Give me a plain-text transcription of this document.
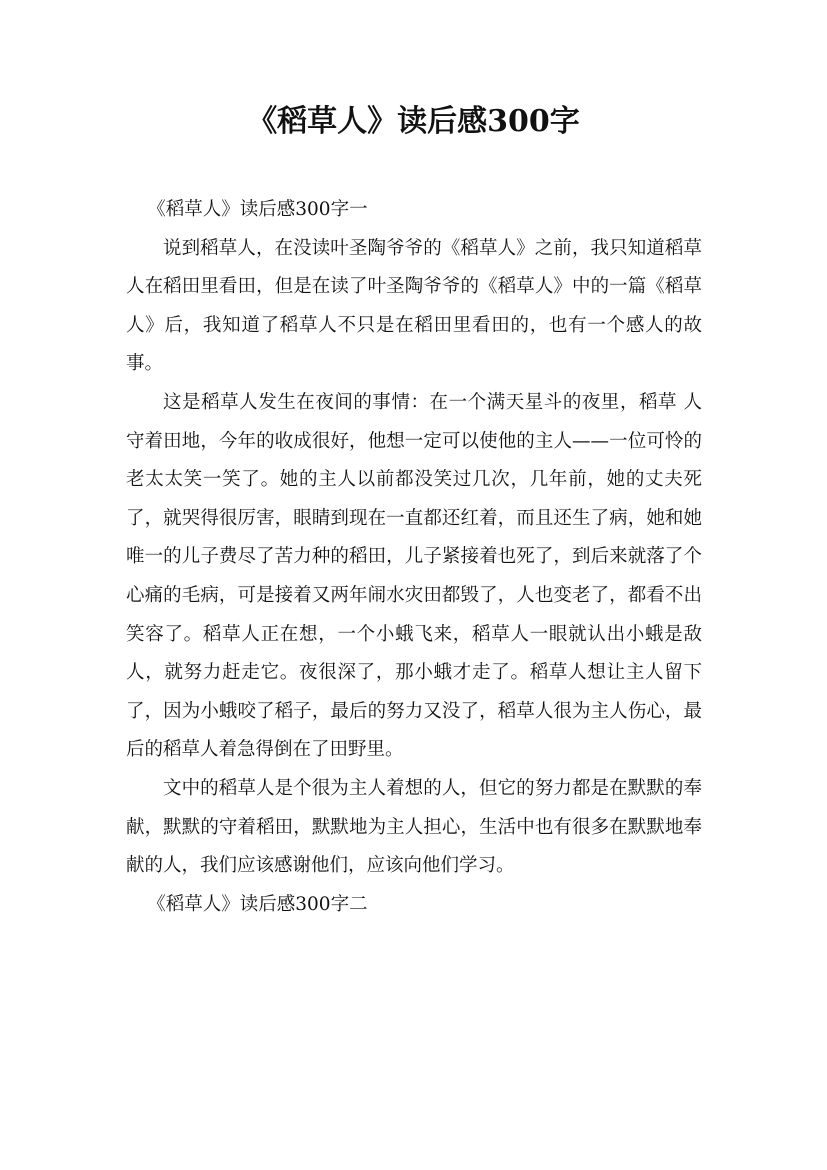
《稻草人》读后感300字

《稻草人》读后感300字一

说到稻草人，在没读叶圣陶爷爷的《稻草人》之前，我只知道稻草人在稻田里看田，但是在读了叶圣陶爷爷的《稻草人》中的一篇《稻草人》后，我知道了稻草人不只是在稻田里看田的，也有一个感人的故事。

这是稻草人发生在夜间的事情：在一个满天星斗的夜里，稻草 人守着田地，今年的收成很好，他想一定可以使他的主人——一位可怜的老太太笑一笑了。她的主人以前都没笑过几次，几年前，她的丈夫死了，就哭得很厉害，眼睛到现在一直都还红着，而且还生了病，她和她唯一的儿子费尽了苦力种的稻田，儿子紧接着也死了，到后来就落了个心痛的毛病，可是接着又两年闹水灾田都毁了，人也变老了，都看不出笑容了。稻草人正在想，一个小蛾飞来，稻草人一眼就认出小蛾是敌人，就努力赶走它。夜很深了，那小蛾才走了。稻草人想让主人留下了，因为小蛾咬了稻子，最后的努力又没了，稻草人很为主人伤心，最后的稻草人着急得倒在了田野里。

文中的稻草人是个很为主人着想的人，但它的努力都是在默默的奉献，默默的守着稻田，默默地为主人担心，生活中也有很多在默默地奉献的人，我们应该感谢他们，应该向他们学习。

《稻草人》读后感300字二
